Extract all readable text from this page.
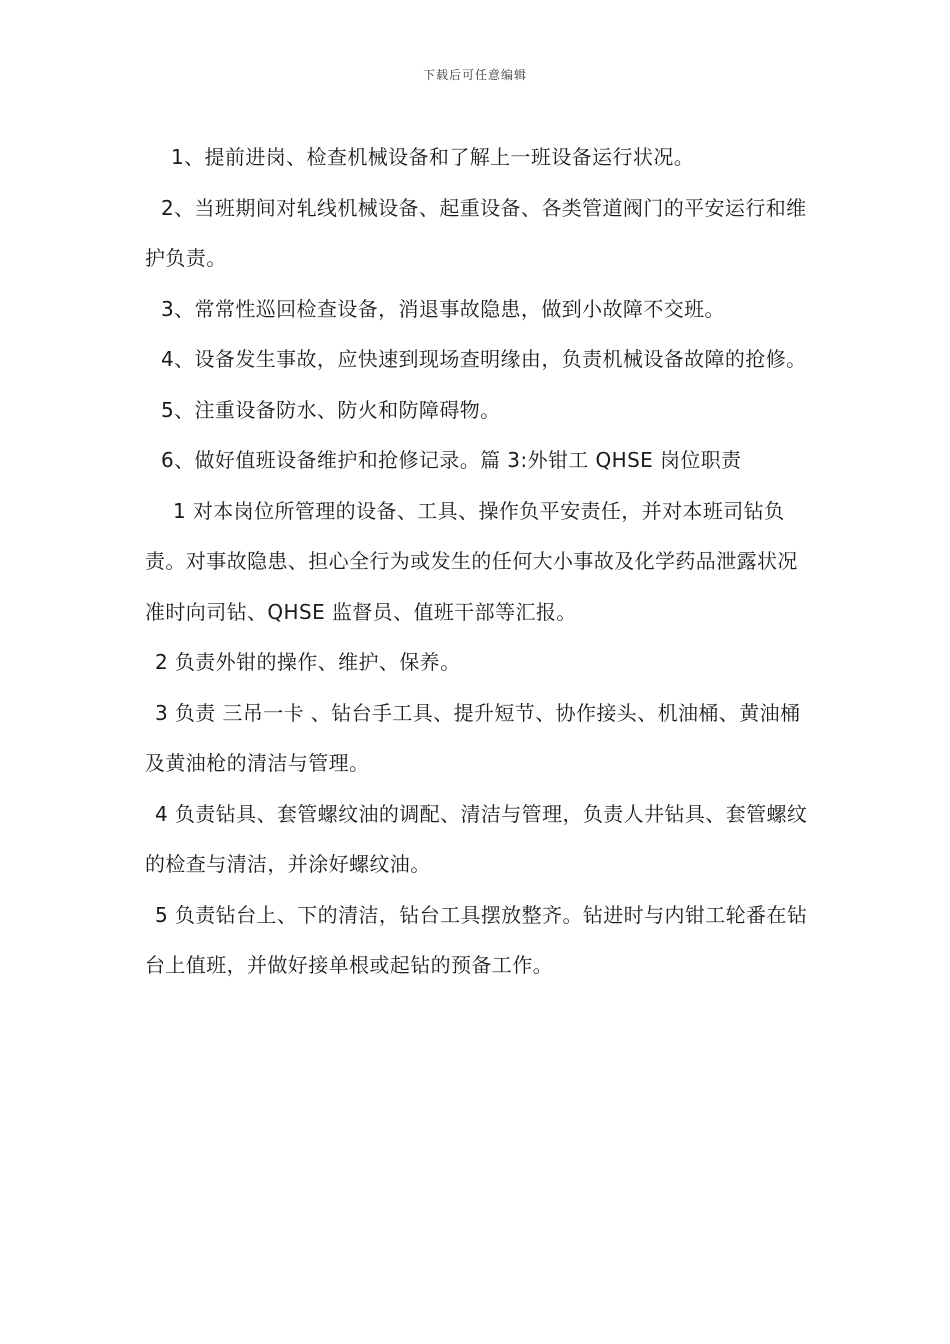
下载后可任意编辑

1、提前进岗、检查机械设备和了解上一班设备运行状况。

2、当班期间对轧线机械设备、起重设备、各类管道阀门的平安运行和维护负责。

3、常常性巡回检查设备，消退事故隐患，做到小故障不交班。

4、设备发生事故，应快速到现场查明缘由，负责机械设备故障的抢修。

5、注重设备防水、防火和防障碍物。

6、做好值班设备维护和抢修记录。篇 3:外钳工 QHSE 岗位职责

1 对本岗位所管理的设备、工具、操作负平安责任，并对本班司钻负责。对事故隐患、担心全行为或发生的任何大小事故及化学药品泄露状况准时向司钻、QHSE 监督员、值班干部等汇报。

2 负责外钳的操作、维护、保养。

3 负责 三吊一卡 、钻台手工具、提升短节、协作接头、机油桶、黄油桶及黄油枪的清洁与管理。

4 负责钻具、套管螺纹油的调配、清洁与管理，负责人井钻具、套管螺纹的检查与清洁，并涂好螺纹油。

5 负责钻台上、下的清洁，钻台工具摆放整齐。钻进时与内钳工轮番在钻台上值班，并做好接单根或起钻的预备工作。
